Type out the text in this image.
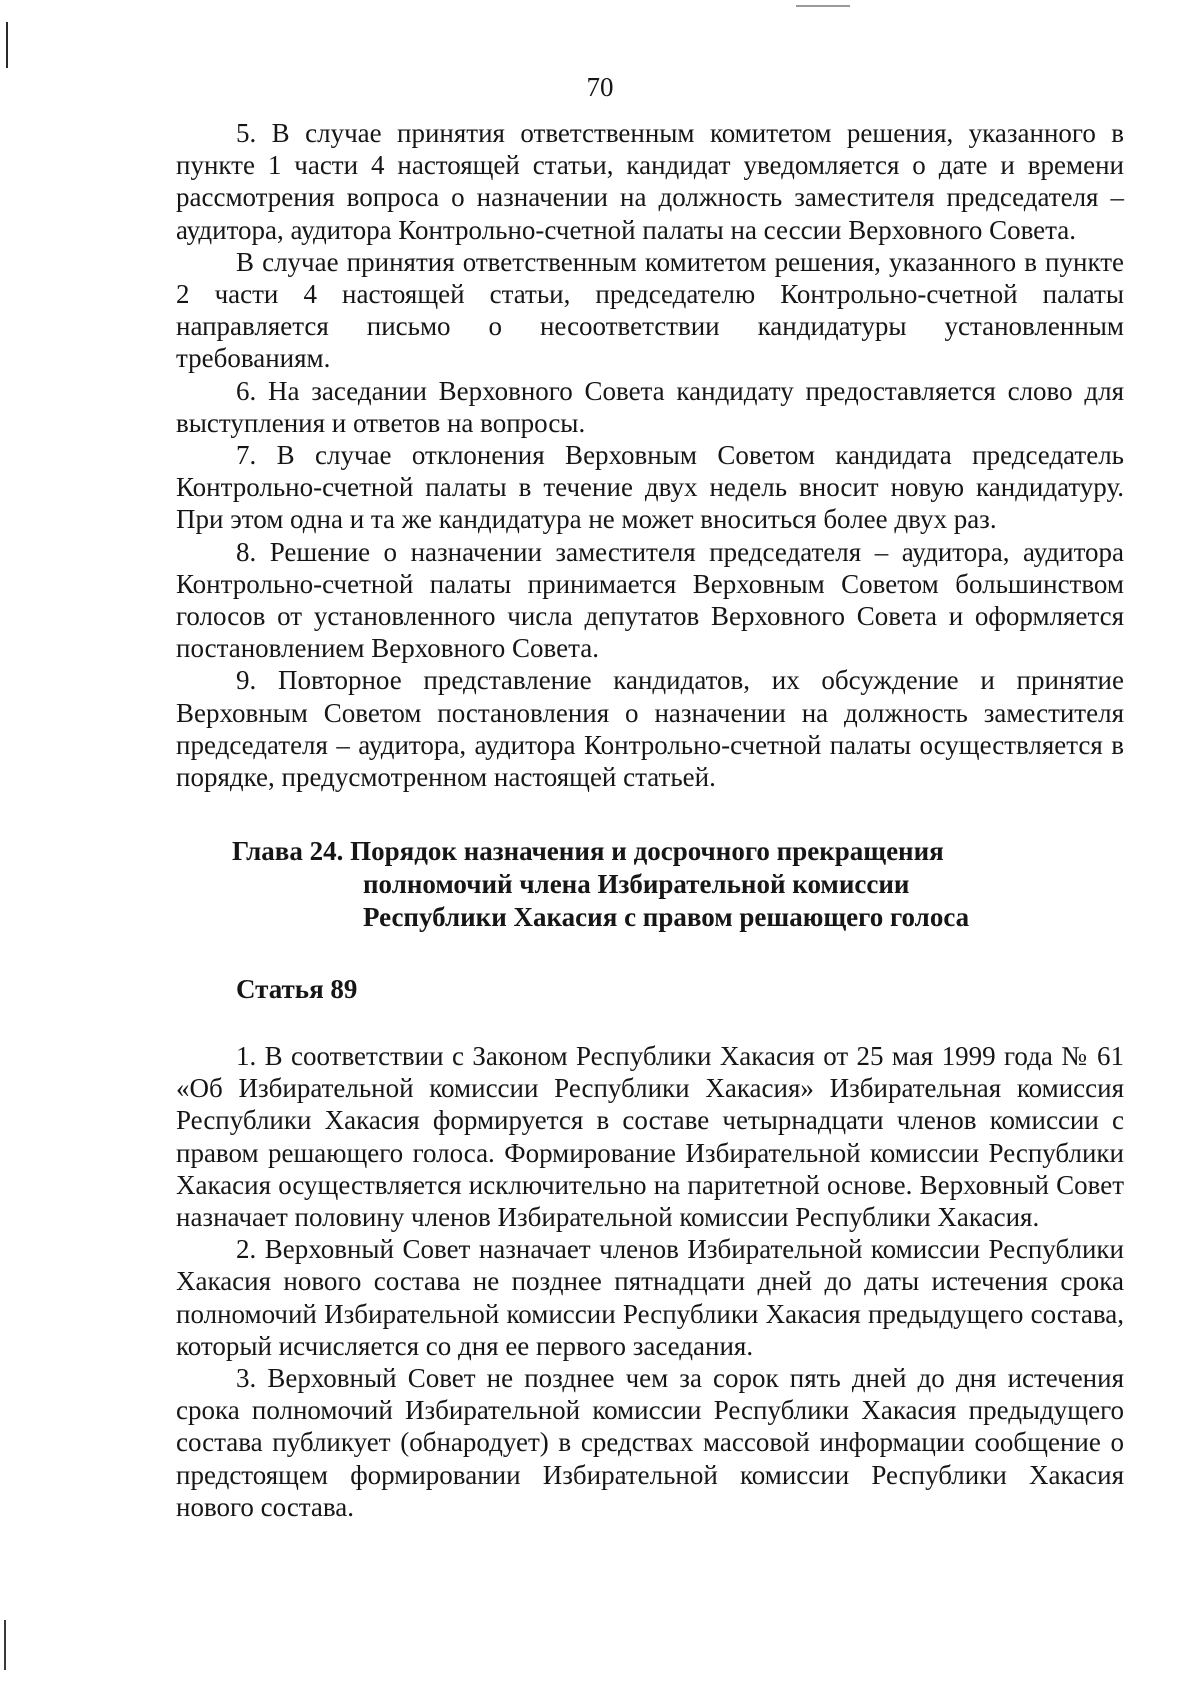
70

5. В случае принятия ответственным комитетом решения, указанного в пункте 1 части 4 настоящей статьи, кандидат уведомляется о дате и времени рассмотрения вопроса о назначении на должность заместителя председателя – аудитора, аудитора Контрольно-счетной палаты на сессии Верховного Совета.

В случае принятия ответственным комитетом решения, указанного в пункте 2 части 4 настоящей статьи, председателю Контрольно-счетной палаты направляется письмо о несоответствии кандидатуры установленным требованиям.

6. На заседании Верховного Совета кандидату предоставляется слово для выступления и ответов на вопросы.

7. В случае отклонения Верховным Советом кандидата председатель Контрольно-счетной палаты в течение двух недель вносит новую кандидатуру. При этом одна и та же кандидатура не может вноситься более двух раз.

8. Решение о назначении заместителя председателя – аудитора, аудитора Контрольно-счетной палаты принимается Верховным Советом большинством голосов от установленного числа депутатов Верховного Совета и оформляется постановлением Верховного Совета.

9. Повторное представление кандидатов, их обсуждение и принятие Верховным Советом постановления о назначении на должность заместителя председателя – аудитора, аудитора Контрольно-счетной палаты осуществляется в порядке, предусмотренном настоящей статьей.

Глава 24. Порядок назначения и досрочного прекращения
полномочий члена Избирательной комиссии
Республики Хакасия с правом решающего голоса
Статья 89

1. В соответствии с Законом Республики Хакасия от 25 мая 1999 года № 61 «Об Избирательной комиссии Республики Хакасия» Избирательная комиссия Республики Хакасия формируется в составе четырнадцати членов комиссии с правом решающего голоса. Формирование Избирательной комиссии Республики Хакасия осуществляется исключительно на паритетной основе. Верховный Совет назначает половину членов Избирательной комиссии Республики Хакасия.

2. Верховный Совет назначает членов Избирательной комиссии Республики Хакасия нового состава не позднее пятнадцати дней до даты истечения срока полномочий Избирательной комиссии Республики Хакасия предыдущего состава, который исчисляется со дня ее первого заседания.

3. Верховный Совет не позднее чем за сорок пять дней до дня истечения срока полномочий Избирательной комиссии Республики Хакасия предыдущего состава публикует (обнародует) в средствах массовой информации сообщение о предстоящем формировании Избирательной комиссии Республики Хакасия нового состава.
